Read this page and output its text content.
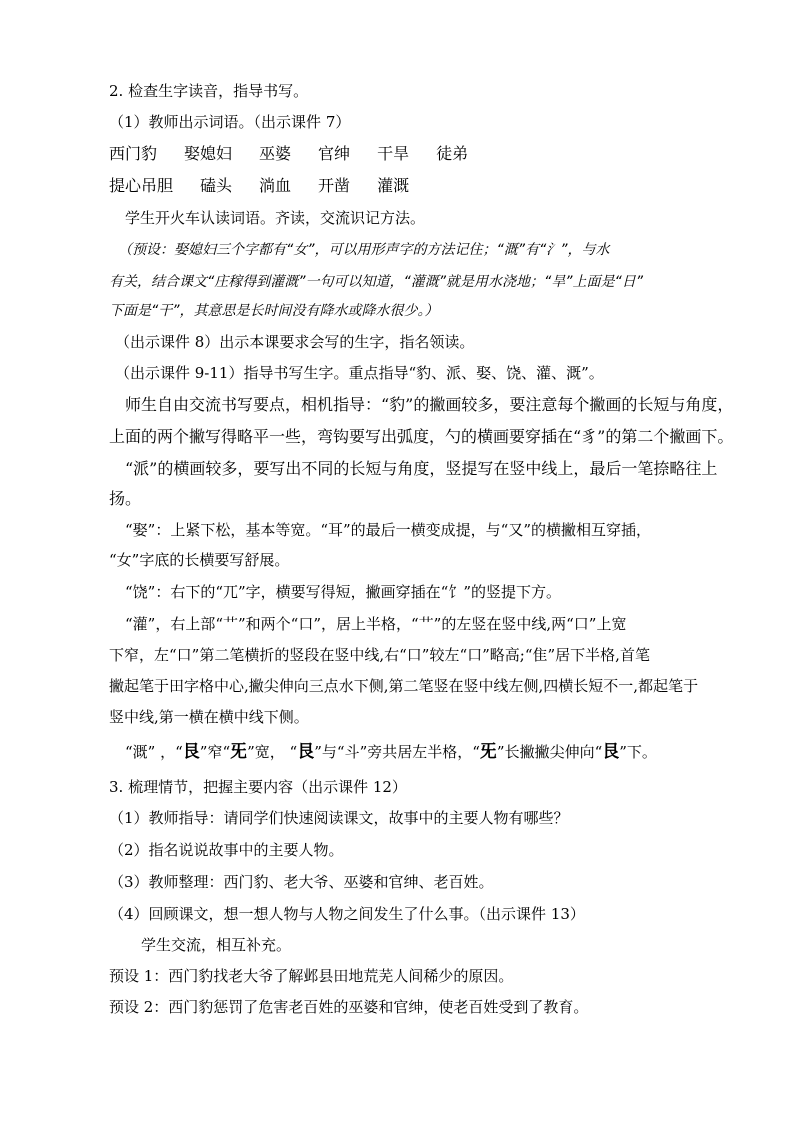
2. 检查生字读音，指导书写。
（1）教师出示词语。（出示课件 7）
西门豹 娶媳妇 巫婆 官绅 干旱 徒弟
提心吊胆 磕头 淌血 开凿 灌溉
学生开火车认读词语。齐读，交流识记方法。
（预设：娶媳妇三个字都有“女”，可以用形声字的方法记住；“溉”有“氵”，与水
有关，结合课文“庄稼得到灌溉”一句可以知道，“灌溉”就是用水浇地；“旱”上面是“日”
下面是“干”，其意思是长时间没有降水或降水很少。）
（出示课件 8）出示本课要求会写的生字，指名领读。
（出示课件 9-11）指导书写生字。重点指导“豹、派、娶、饶、灌、溉”。
师生自由交流书写要点，相机指导：“豹”的撇画较多，要注意每个撇画的长短与角度，
上面的两个撇写得略平一些，弯钩要写出弧度，勺的横画要穿插在“豸”的第二个撇画下。
“派”的横画较多，要写出不同的长短与角度，竖提写在竖中线上，最后一笔捺略往上
扬。
“娶”：上紧下松，基本等宽。“耳”的最后一横变成提，与“又”的横撇相互穿插，
“女”字底的长横要写舒展。
“饶”：右下的“兀”字，横要写得短，撇画穿插在“饣”的竖提下方。
“灌”，右上部“艹”和两个“口”，居上半格，“艹”的左竖在竖中线,两“口”上宽
下窄，左“口”第二笔横折的竖段在竖中线,右“口”较左“口”略高;“隹”居下半格,首笔
撇起笔于田字格中心,撇尖伸向三点水下侧,第二笔竖在竖中线左侧,四横长短不一,都起笔于
竖中线,第一横在横中线下侧。
“溉” ，“艮”窄“旡”宽， “艮”与“斗”旁共居左半格，“旡”长撇撇尖伸向“艮”下。
3. 梳理情节，把握主要内容（出示课件 12）
（1）教师指导：请同学们快速阅读课文，故事中的主要人物有哪些？
（2）指名说说故事中的主要人物。
（3）教师整理：西门豹、老大爷、巫婆和官绅、老百姓。
（4）回顾课文，想一想人物与人物之间发生了什么事。（出示课件 13）
学生交流，相互补充。
预设 1：西门豹找老大爷了解邺县田地荒芜人间稀少的原因。
预设 2：西门豹惩罚了危害老百姓的巫婆和官绅，使老百姓受到了教育。
